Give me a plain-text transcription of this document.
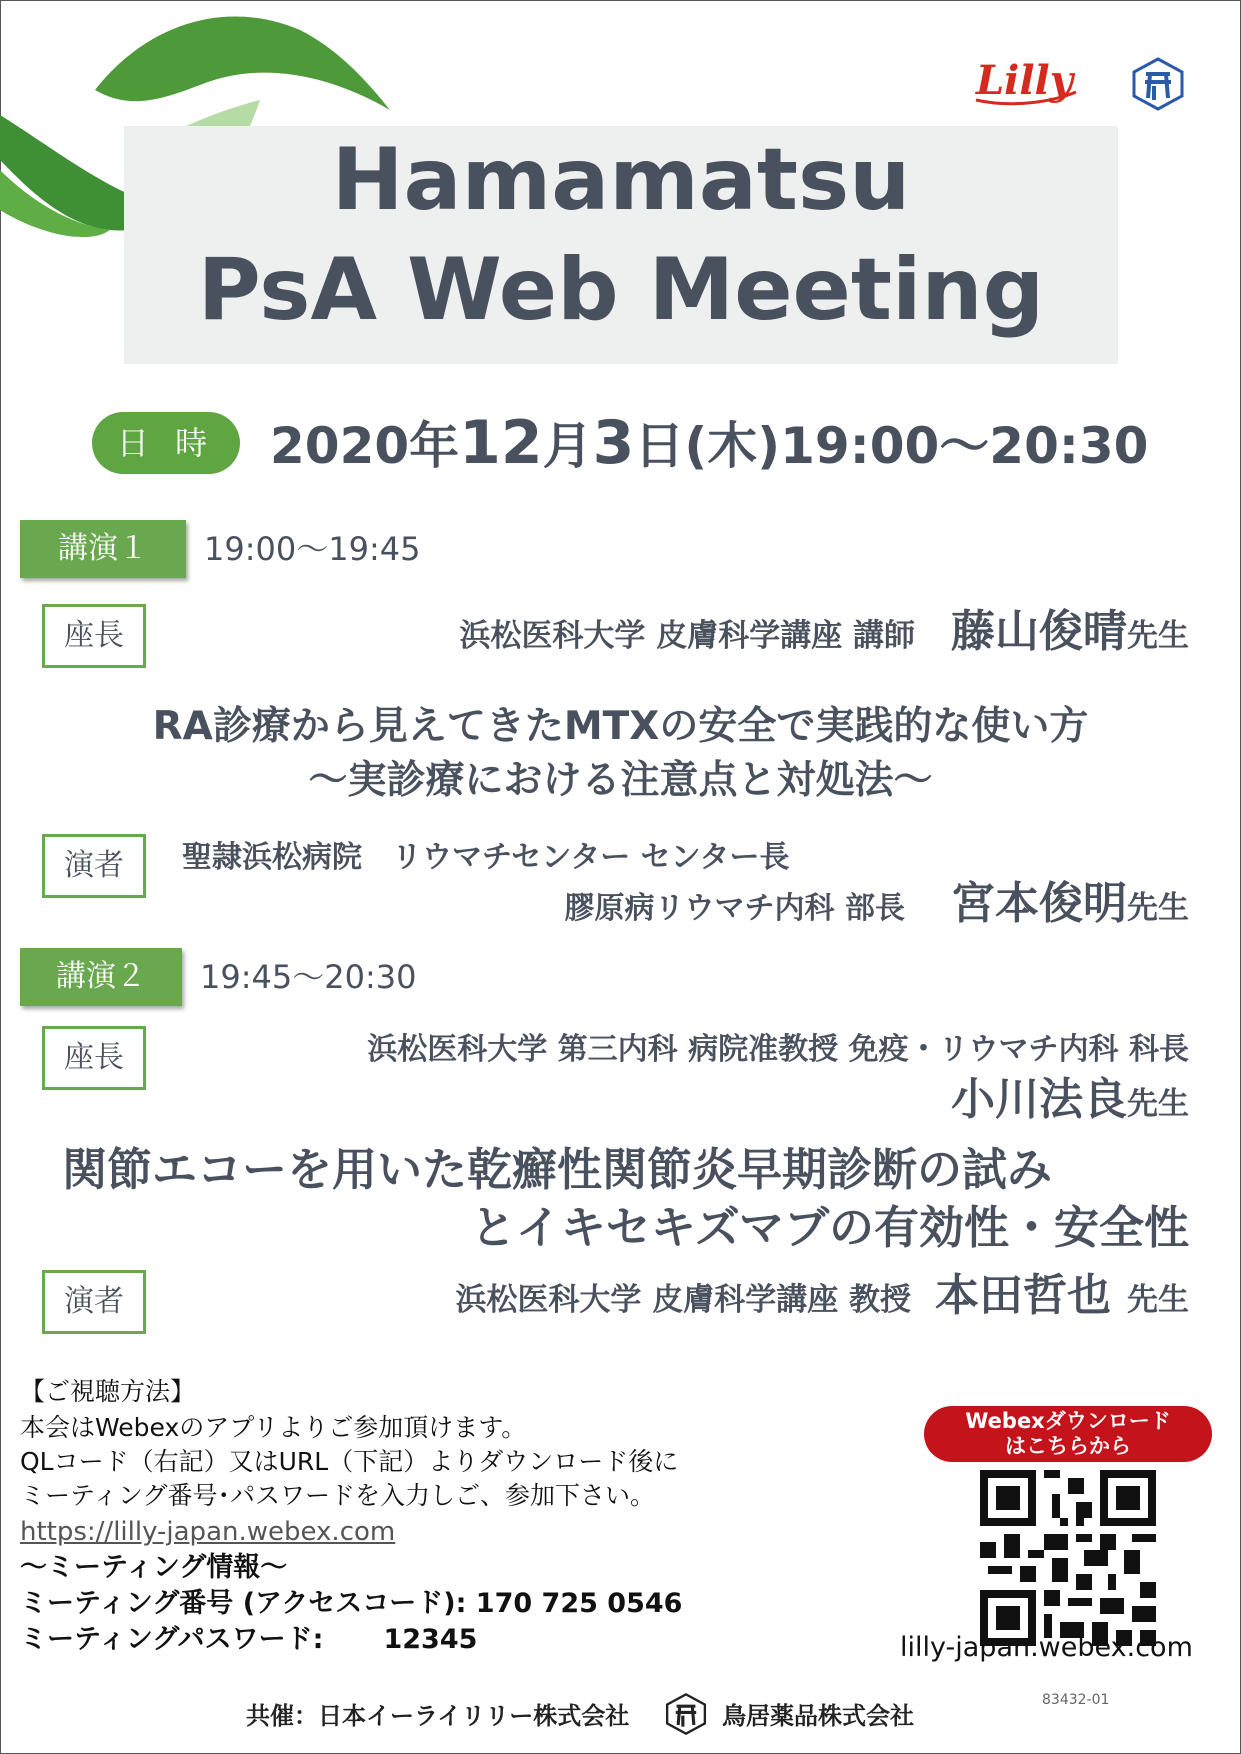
Lilly
Hamamatsu
PsA Web Meeting
日 時	2020年12月3日(木)19:00〜20:30
講演１	19:00〜19:45
座長	浜松医科大学 皮膚科学講座 講師 藤山俊晴先生
RA診療から見えてきたMTXの安全で実践的な使い方
〜実診療における注意点と対処法〜
演者	聖隷浜松病院　リウマチセンター センター長
膠原病リウマチ内科 部長 宮本俊明先生
講演２	19:45〜20:30
座長	浜松医科大学 第三内科 病院准教授 免疫・リウマチ内科 科長
小川法良先生
関節エコーを用いた乾癬性関節炎早期診断の試み
とイキセキズマブの有効性・安全性
演者	浜松医科大学 皮膚科学講座 教授 本田哲也 先生
【ご視聴方法】
本会はWebexのアプリよりご参加頂けます。
QLコード（右記）又はURL（下記）よりダウンロード後に
ミーティング番号･パスワードを入力しご、参加下さい。
https://lilly-japan.webex.com
〜ミーティング情報〜
ミーティング番号 (アクセスコード): 170 725 0546
ミーティングパスワード: 12345
Webexダウンロード
はこちらから
lilly-japan.webex.com
共催：日本イーライリリー株式会社	鳥居薬品株式会社
83432-01
